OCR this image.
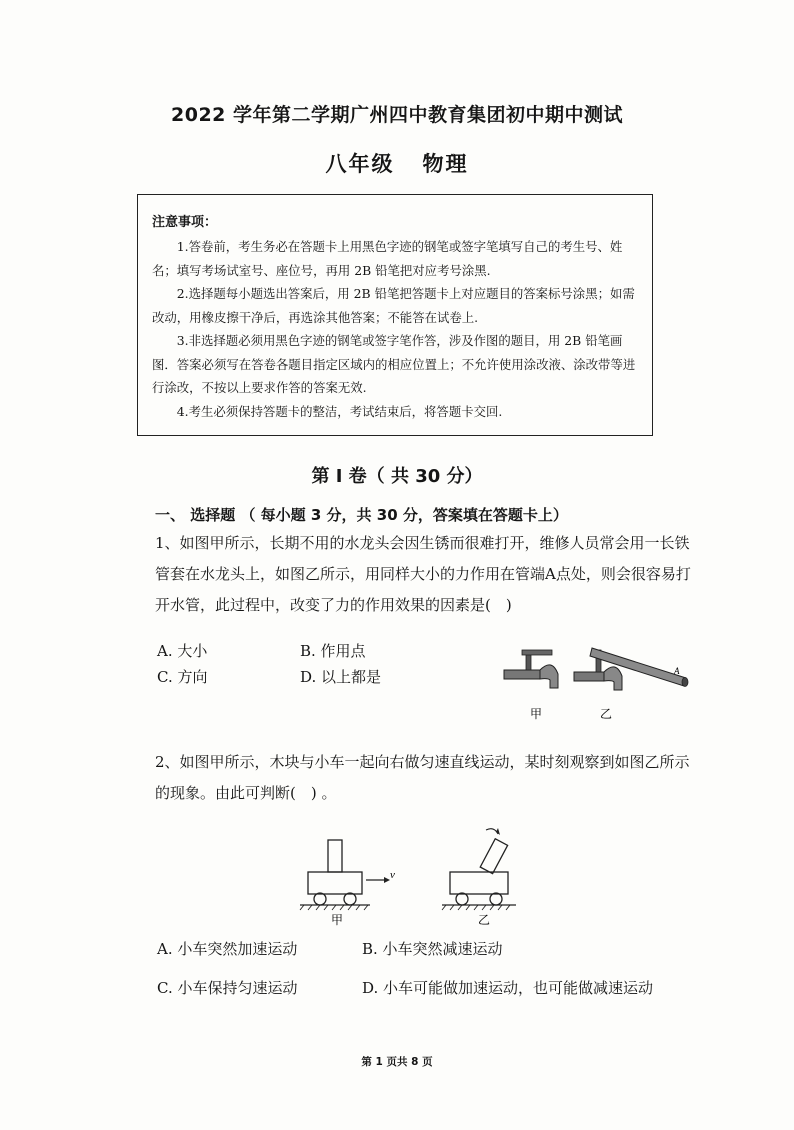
2022 学年第二学期广州四中教育集团初中期中测试
八年级 物理
注意事项：

1.答卷前，考生务必在答题卡上用黑色字迹的钢笔或签字笔填写自己的考生号、姓名；填写考场试室号、座位号，再用 2B 铅笔把对应考号涂黑.

2.选择题每小题选出答案后，用 2B 铅笔把答题卡上对应题目的答案标号涂黑；如需改动，用橡皮擦干净后，再选涂其他答案；不能答在试卷上.

3.非选择题必须用黑色字迹的钢笔或签字笔作答，涉及作图的题目，用 2B 铅笔画图．答案必须写在答卷各题目指定区域内的相应位置上；不允许使用涂改液、涂改带等进行涂改，不按以上要求作答的答案无效.

4.考生必须保持答题卡的整洁，考试结束后，将答题卡交回.

第 I 卷（ 共 30 分）
一、 选择题 （ 每小题 3 分，共 30 分，答案填在答题卡上）
1、如图甲所示，长期不用的水龙头会因生锈而很难打开，维修人员常会用一长铁管套在水龙头上，如图乙所示，用同样大小的力作用在管端A点处，则会很容易打开水管，此过程中，改变了力的作用效果的因素是(　)
A. 大小	B. 作用点
C. 方向	D. 以上都是	A
甲	乙
2、如图甲所示，木块与小车一起向右做匀速直线运动，某时刻观察到如图乙所示的现象。由此可判断(　) 。
v
甲	乙
A. 小车突然加速运动	B. 小车突然减速运动
C. 小车保持匀速运动	D. 小车可能做加速运动，也可能做减速运动
第 1 页共 8 页
